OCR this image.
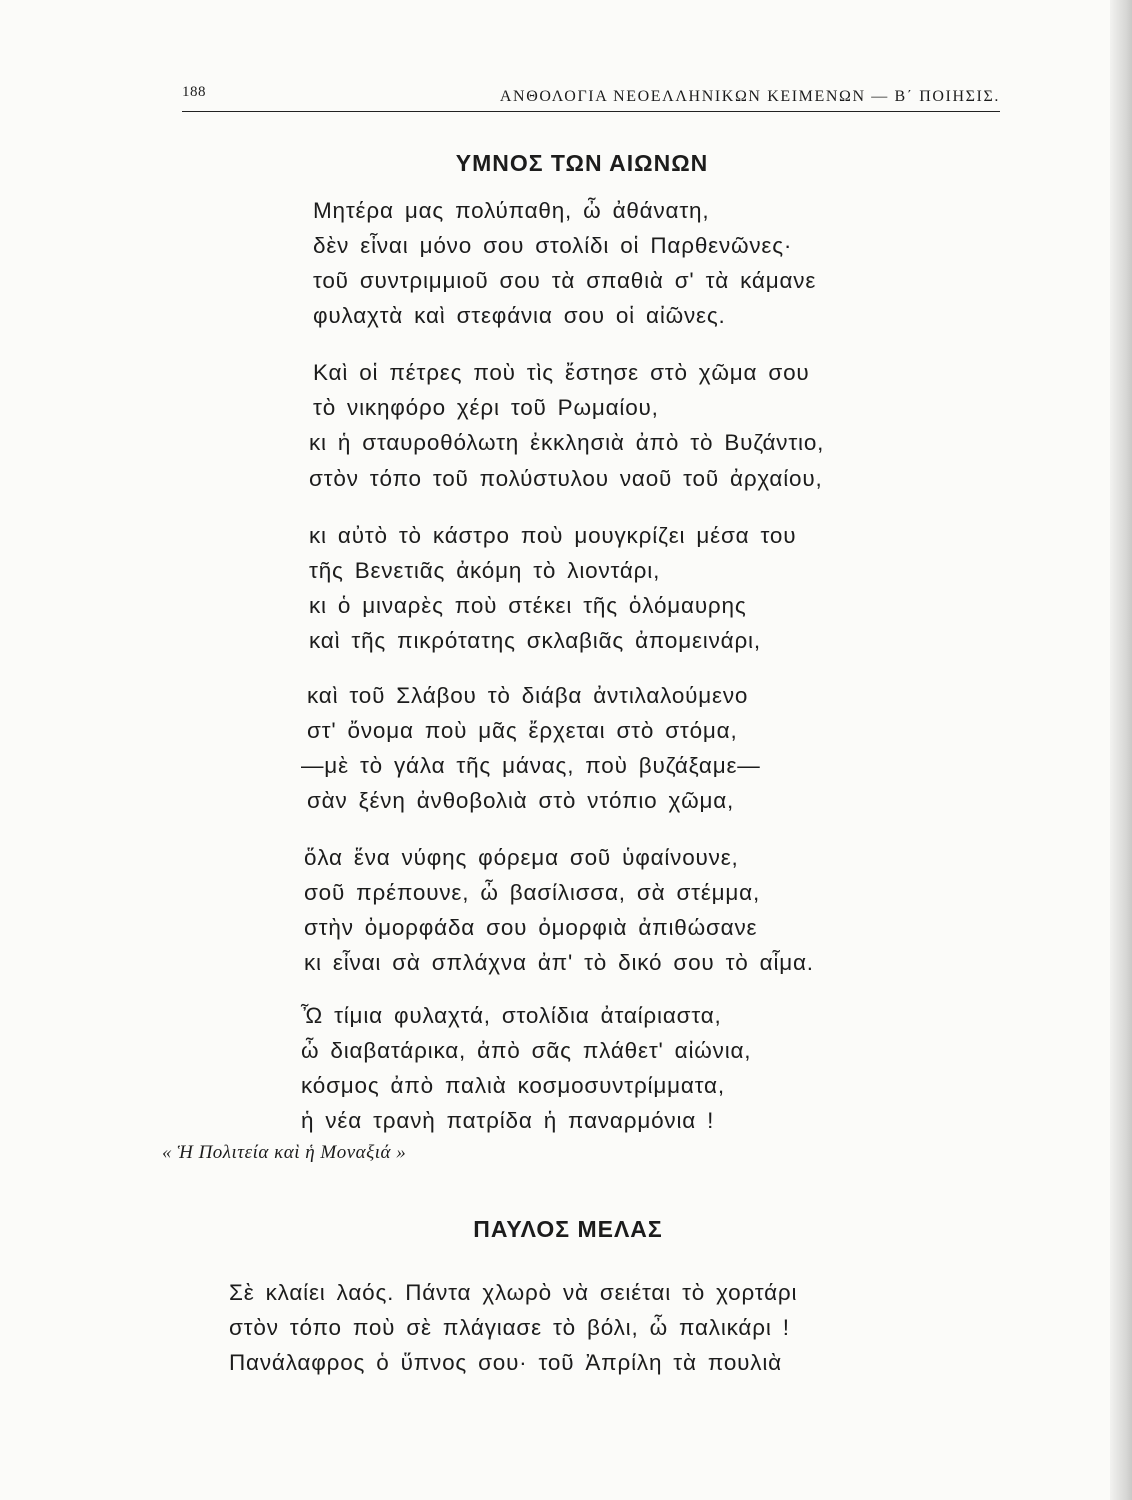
188	ΑΝΘΟΛΟΓΙΑ ΝΕΟΕΛΛΗΝΙΚΩΝ ΚΕΙΜΕΝΩΝ — Β΄ ΠΟΙΗΣΙΣ.
ΥΜΝΟΣ ΤΩΝ ΑΙΩΝΩΝ
Μητέρα μας πολύπαθη, ὦ ἀθάνατη,
δὲν εἶναι μόνο σου στολίδι οἱ Παρθενῶνες·
τοῦ συντριμμιοῦ σου τὰ σπαθιὰ σ' τὰ κάμανε
φυλαχτὰ καὶ στεφάνια σου οἱ αἰῶνες.
Καὶ οἱ πέτρες ποὺ τὶς ἔστησε στὸ χῶμα σου
τὸ νικηφόρο χέρι τοῦ Ρωμαίου,
κι ἡ σταυροθόλωτη ἐκκλησιὰ ἀπὸ τὸ Βυζάντιο,
στὸν τόπο τοῦ πολύστυλου ναοῦ τοῦ ἀρχαίου,
κι αὐτὸ τὸ κάστρο ποὺ μουγκρίζει μέσα του
τῆς Βενετιᾶς ἀκόμη τὸ λιοντάρι,
κι ὁ μιναρὲς ποὺ στέκει τῆς ὁλόμαυρης
καὶ τῆς πικρότατης σκλαβιᾶς ἀπομεινάρι,
καὶ τοῦ Σλάβου τὸ διάβα ἀντιλαλούμενο
στ' ὄνομα ποὺ μᾶς ἔρχεται στὸ στόμα,
—μὲ τὸ γάλα τῆς μάνας, ποὺ βυζάξαμε—
σὰν ξένη ἀνθοβολιὰ στὸ ντόπιο χῶμα,
ὅλα ἕνα νύφης φόρεμα σοῦ ὑφαίνουνε,
σοῦ πρέπουνε, ὦ βασίλισσα, σὰ στέμμα,
στὴν ὀμορφάδα σου ὀμορφιὰ ἀπιθώσανε
κι εἶναι σὰ σπλάχνα ἀπ' τὸ δικό σου τὸ αἷμα.
Ὦ τίμια φυλαχτά, στολίδια ἀταίριαστα,
ὦ διαβατάρικα, ἀπὸ σᾶς πλάθετ' αἰώνια,
κόσμος ἀπὸ παλιὰ κοσμοσυντρίμματα,
ἡ νέα τρανὴ πατρίδα ἡ παναρμόνια !
« Ἡ Πολιτεία καὶ ἡ Μοναξιά »
ΠΑΥΛΟΣ ΜΕΛΑΣ
Σὲ κλαίει λαός. Πάντα χλωρὸ νὰ σειέται τὸ χορτάρι
στὸν τόπο ποὺ σὲ πλάγιασε τὸ βόλι, ὦ παλικάρι !
Πανάλαφρος ὁ ὕπνος σου· τοῦ Ἀπρίλη τὰ πουλιὰ
